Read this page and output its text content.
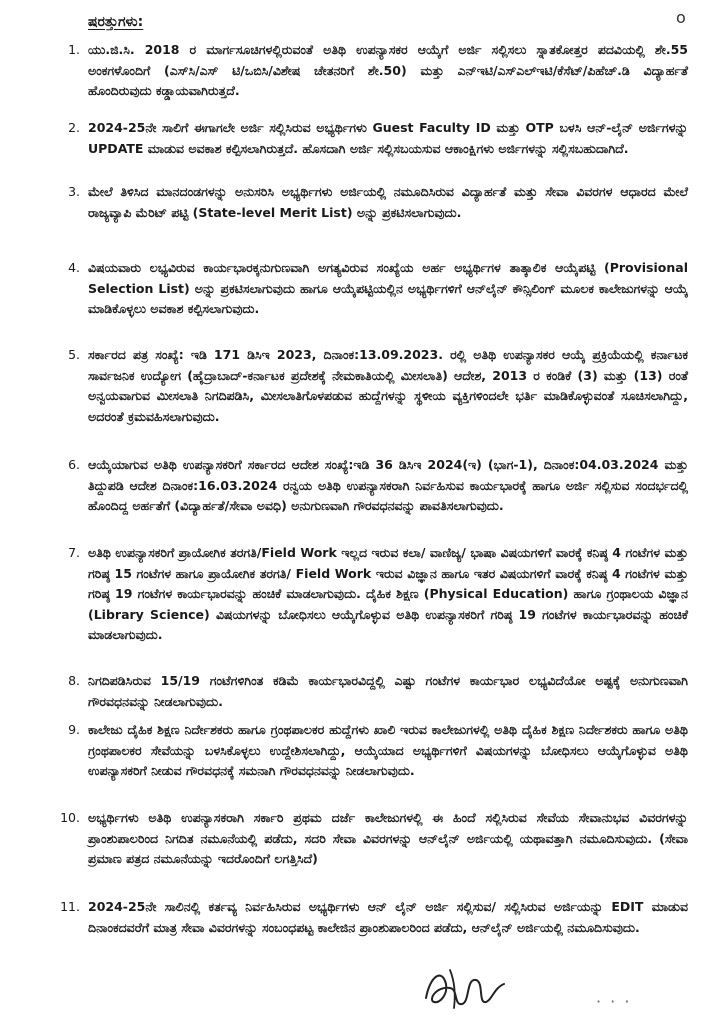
ಷರತ್ತುಗಳು:	o
1. ಯು.ಜಿ.ಸಿ. 2018 ರ ಮಾರ್ಗಸೂಚಿಗಳಲ್ಲಿರುವಂತೆ ಅತಿಥಿ ಉಪನ್ಯಾಸಕರ ಆಯ್ಕೆಗೆ ಅರ್ಜಿ ಸಲ್ಲಿಸಲು ಸ್ನಾತಕೋತ್ತರ ಪದವಿಯಲ್ಲಿ ಶೇ.55 ಅಂಕಗಳೊಂದಿಗೆ (ಎಸ್‌ಸಿ/ಎಸ್ ಟಿ/ಒಬಿಸಿ/ವಿಶೇಷ ಚೇತನರಿಗೆ ಶೇ.50) ಮತ್ತು ಎನ್‌ಇಟಿ/ಎಸ್‌ಎಲ್‌ಇಟಿ/ಕೆಸೆಟ್/ಪಿಹೆಚ್.ಡಿ ವಿದ್ಯಾರ್ಹತೆ ಹೊಂದಿರುವುದು ಕಡ್ಡಾಯವಾಗಿರುತ್ತದೆ.
2. 2024-25ನೇ ಸಾಲಿಗೆ ಈಗಾಗಲೇ ಅರ್ಜಿ ಸಲ್ಲಿಸಿರುವ ಅಭ್ಯರ್ಥಿಗಳು Guest Faculty ID ಮತ್ತು OTP ಬಳಸಿ ಆನ್-ಲೈನ್ ಅರ್ಜಿಗಳನ್ನು UPDATE ಮಾಡುವ ಅವಕಾಶ ಕಲ್ಪಿಸಲಾಗಿರುತ್ತದೆ. ಹೊಸದಾಗಿ ಅರ್ಜಿ ಸಲ್ಲಿಸಬಯಸುವ ಆಕಾಂಕ್ಷಿಗಳು ಅರ್ಜಿಗಳನ್ನು ಸಲ್ಲಿಸಬಹುದಾಗಿದೆ.
3. ಮೇಲೆ ತಿಳಿಸಿದ ಮಾನದಂಡಗಳನ್ನು ಅನುಸರಿಸಿ ಅಭ್ಯರ್ಥಿಗಳು ಅರ್ಜಿಯಲ್ಲಿ ನಮೂದಿಸಿರುವ ವಿದ್ಯಾರ್ಹತೆ ಮತ್ತು ಸೇವಾ ವಿವರಗಳ ಆಧಾರದ ಮೇಲೆ ರಾಜ್ಯವ್ಯಾಪಿ ಮೆರಿಟ್ ಪಟ್ಟಿ (State-level Merit List) ಅನ್ನು ಪ್ರಕಟಿಸಲಾಗುವುದು.
4. ವಿಷಯವಾರು ಲಭ್ಯವಿರುವ ಕಾರ್ಯಭಾರಕ್ಕನುಗುಣವಾಗಿ ಅಗತ್ಯವಿರುವ ಸಂಖ್ಯೆಯ ಅರ್ಹ ಅಭ್ಯರ್ಥಿಗಳ ತಾತ್ಕಾಲಿಕ ಆಯ್ಕೆಪಟ್ಟಿ (Provisional Selection List) ಅನ್ನು ಪ್ರಕಟಿಸಲಾಗುವುದು ಹಾಗೂ ಆಯ್ಕೆಪಟ್ಟಿಯಲ್ಲಿನ ಅಭ್ಯರ್ಥಿಗಳಿಗೆ ಆನ್‌ಲೈನ್ ಕೌನ್ಸಿಲಿಂಗ್ ಮೂಲಕ ಕಾಲೇಜುಗಳನ್ನು ಆಯ್ಕೆ ಮಾಡಿಕೊಳ್ಳಲು ಅವಕಾಶ ಕಲ್ಪಿಸಲಾಗುವುದು.
5. ಸರ್ಕಾರದ ಪತ್ರ ಸಂಖ್ಯೆ: ಇಡಿ 171 ಡಿಸಿಇ 2023, ದಿನಾಂಕ:13.09.2023. ರಲ್ಲಿ ಅತಿಥಿ ಉಪನ್ಯಾಸಕರ ಆಯ್ಕೆ ಪ್ರಕ್ರಿಯೆಯಲ್ಲಿ ಕರ್ನಾಟಕ ಸಾರ್ವಜನಿಕ ಉದ್ಯೋಗ (ಹೈದ್ರಾಬಾದ್-ಕರ್ನಾಟಕ ಪ್ರದೇಶಕ್ಕೆ ನೇಮಕಾತಿಯಲ್ಲಿ ಮೀಸಲಾತಿ) ಆದೇಶ, 2013 ರ ಕಂಡಿಕೆ (3) ಮತ್ತು (13) ರಂತೆ ಅನ್ವಯವಾಗುವ ಮೀಸಲಾತಿ ನಿಗದಿಪಡಿಸಿ, ಮೀಸಲಾತಿಗೊಳಪಡುವ ಹುದ್ದೆಗಳನ್ನು ಸ್ಥಳೀಯ ವ್ಯಕ್ತಿಗಳಿಂದಲೇ ಭರ್ತಿ ಮಾಡಿಕೊಳ್ಳುವಂತೆ ಸೂಚಿಸಲಾಗಿದ್ದು, ಅದರಂತೆ ಕ್ರಮವಹಿಸಲಾಗುವುದು.
6. ಆಯ್ಕೆಯಾಗುವ ಅತಿಥಿ ಉಪನ್ಯಾಸಕರಿಗೆ ಸರ್ಕಾರದ ಆದೇಶ ಸಂಖ್ಯೆ:ಇಡಿ 36 ಡಿಸಿಇ 2024(ಇ) (ಭಾಗ-1), ದಿನಾಂಕ:04.03.2024 ಮತ್ತು ತಿದ್ದುಪಡಿ ಆದೇಶ ದಿನಾಂಕ:16.03.2024 ರನ್ವಯ ಅತಿಥಿ ಉಪನ್ಯಾಸಕರಾಗಿ ನಿರ್ವಹಿಸುವ ಕಾರ್ಯಭಾರಕ್ಕೆ ಹಾಗೂ ಅರ್ಜಿ ಸಲ್ಲಿಸುವ ಸಂದರ್ಭದಲ್ಲಿ ಹೊಂದಿದ್ದ ಅರ್ಹತೆಗೆ (ವಿದ್ಯಾರ್ಹತೆ/ಸೇವಾ ಅವಧಿ) ಅನುಗುಣವಾಗಿ ಗೌರವಧನವನ್ನು ಪಾವತಿಸಲಾಗುವುದು.
7. ಅತಿಥಿ ಉಪನ್ಯಾಸಕರಿಗೆ ಪ್ರಾಯೋಗಿಕ ತರಗತಿ/Field Work ಇಲ್ಲದ ಇರುವ ಕಲಾ/ ವಾಣಿಜ್ಯ/ ಭಾಷಾ ವಿಷಯಗಳಿಗೆ ವಾರಕ್ಕೆ ಕನಿಷ್ಠ 4 ಗಂಟೆಗಳ ಮತ್ತು ಗರಿಷ್ಠ 15 ಗಂಟೆಗಳ ಹಾಗೂ ಪ್ರಾಯೋಗಿಕ ತರಗತಿ/ Field Work ಇರುವ ವಿಜ್ಞಾನ ಹಾಗೂ ಇತರ ವಿಷಯಗಳಿಗೆ ವಾರಕ್ಕೆ ಕನಿಷ್ಠ 4 ಗಂಟೆಗಳ ಮತ್ತು ಗರಿಷ್ಠ 19 ಗಂಟೆಗಳ ಕಾರ್ಯಭಾರವನ್ನು ಹಂಚಿಕೆ ಮಾಡಲಾಗುವುದು. ದೈಹಿಕ ಶಿಕ್ಷಣ (Physical Education) ಹಾಗೂ ಗ್ರಂಥಾಲಯ ವಿಜ್ಞಾನ (Library Science) ವಿಷಯಗಳನ್ನು ಬೋಧಿಸಲು ಆಯ್ಕೆಗೊಳ್ಳುವ ಅತಿಥಿ ಉಪನ್ಯಾಸಕರಿಗೆ ಗರಿಷ್ಠ 19 ಗಂಟೆಗಳ ಕಾರ್ಯಭಾರವನ್ನು ಹಂಚಿಕೆ ಮಾಡಲಾಗುವುದು.
8. ನಿಗದಿಪಡಿಸಿರುವ 15/19 ಗಂಟೆಗಳಿಗಿಂತ ಕಡಿಮೆ ಕಾರ್ಯಭಾರವಿದ್ದಲ್ಲಿ ಎಷ್ಟು ಗಂಟೆಗಳ ಕಾರ್ಯಭಾರ ಲಭ್ಯವಿದೆಯೋ ಅಷ್ಟಕ್ಕೆ ಅನುಗುಣವಾಗಿ ಗೌರವಧನವನ್ನು ನೀಡಲಾಗುವುದು.
9. ಕಾಲೇಜು ದೈಹಿಕ ಶಿಕ್ಷಣ ನಿರ್ದೇಶಕರು ಹಾಗೂ ಗ್ರಂಥಪಾಲಕರ ಹುದ್ದೆಗಳು ಖಾಲಿ ಇರುವ ಕಾಲೇಜುಗಳಲ್ಲಿ ಅತಿಥಿ ದೈಹಿಕ ಶಿಕ್ಷಣ ನಿರ್ದೇಶಕರು ಹಾಗೂ ಅತಿಥಿ ಗ್ರಂಥಪಾಲಕರ ಸೇವೆಯನ್ನು ಬಳಸಿಕೊಳ್ಳಲು ಉದ್ದೇಶಿಸಲಾಗಿದ್ದು, ಆಯ್ಕೆಯಾದ ಅಭ್ಯರ್ಥಿಗಳಿಗೆ ವಿಷಯಗಳನ್ನು ಬೋಧಿಸಲು ಆಯ್ಕೆಗೊಳ್ಳುವ ಅತಿಥಿ ಉಪನ್ಯಾಸಕರಿಗೆ ನೀಡುವ ಗೌರವಧನಕ್ಕೆ ಸಮನಾಗಿ ಗೌರವಧನವನ್ನು ನೀಡಲಾಗುವುದು.
10. ಅಭ್ಯರ್ಥಿಗಳು ಅತಿಥಿ ಉಪನ್ಯಾಸಕರಾಗಿ ಸರ್ಕಾರಿ ಪ್ರಥಮ ದರ್ಜೆ ಕಾಲೇಜುಗಳಲ್ಲಿ ಈ ಹಿಂದೆ ಸಲ್ಲಿಸಿರುವ ಸೇವೆಯ ಸೇವಾನುಭವ ವಿವರಗಳನ್ನು ಪ್ರಾಂಶುಪಾಲರಿಂದ ನಿಗದಿತ ನಮೂನೆಯಲ್ಲಿ ಪಡೆದು, ಸದರಿ ಸೇವಾ ವಿವರಗಳನ್ನು ಆನ್‌ಲೈನ್ ಅರ್ಜಿಯಲ್ಲಿ ಯಥಾವತ್ತಾಗಿ ನಮೂದಿಸುವುದು. (ಸೇವಾ ಪ್ರಮಾಣ ಪತ್ರದ ನಮೂನೆಯನ್ನು ಇದರೊಂದಿಗೆ ಲಗತ್ತಿಸಿದೆ)
11. 2024-25ನೇ ಸಾಲಿನಲ್ಲಿ ಕರ್ತವ್ಯ ನಿರ್ವಹಿಸಿರುವ ಅಭ್ಯರ್ಥಿಗಳು ಆನ್ ಲೈನ್ ಅರ್ಜಿ ಸಲ್ಲಿಸುವ/ ಸಲ್ಲಿಸಿರುವ ಅರ್ಜಿಯನ್ನು EDIT ಮಾಡುವ ದಿನಾಂಕದವರೆಗೆ ಮಾತ್ರ ಸೇವಾ ವಿವರಗಳನ್ನು ಸಂಬಂಧಪಟ್ಟ ಕಾಲೇಜಿನ ಪ್ರಾಂಶುಪಾಲರಿಂದ ಪಡೆದು, ಆನ್‌ಲೈನ್ ಅರ್ಜಿಯಲ್ಲಿ ನಮೂದಿಸುವುದು.
· · ·
